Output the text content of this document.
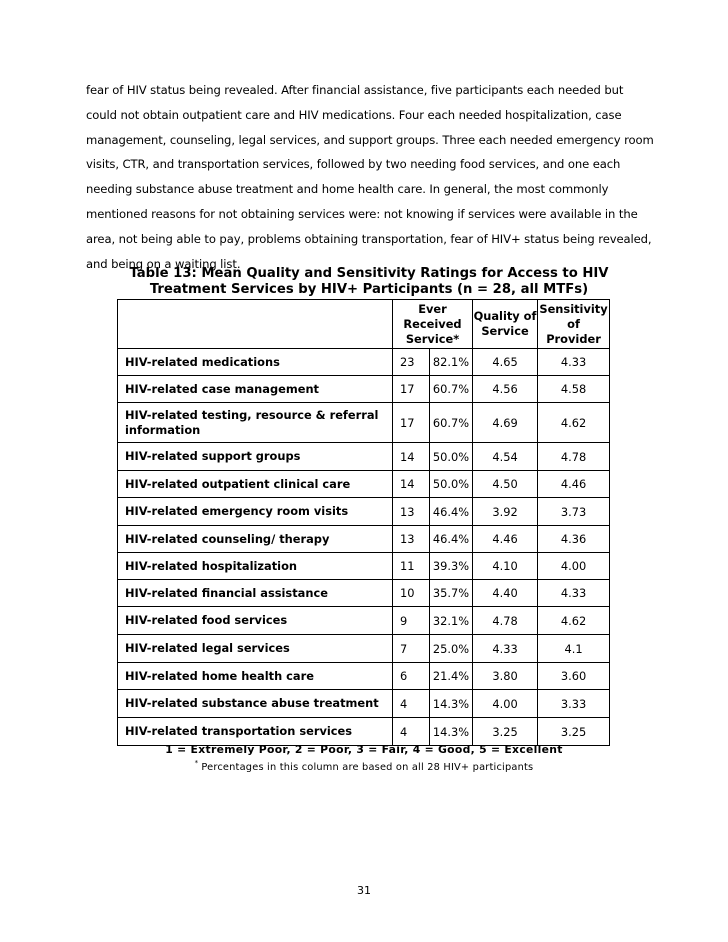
fear of HIV status being revealed. After financial assistance, five participants each needed but could not obtain outpatient care and HIV medications. Four each needed hospitalization, case management, counseling, legal services, and support groups. Three each needed emergency room visits, CTR, and transportation services, followed by two needing food services, and one each needing substance abuse treatment and home health care. In general, the most commonly mentioned reasons for not obtaining services were: not knowing if services were available in the area, not being able to pay, problems obtaining transportation, fear of HIV+ status being revealed, and being on a waiting list.

Table 13: Mean Quality and Sensitivity Ratings for Access to HIV Treatment Services by HIV+ Participants (n = 28, all MTFs)
	Ever Received Service*		Quality of Service	Sensitivity of Provider
HIV-related medications	23	82.1%	4.65	4.33
HIV-related case management	17	60.7%	4.56	4.58
HIV-related testing, resource & referral information	17	60.7%	4.69	4.62
HIV-related support groups	14	50.0%	4.54	4.78
HIV-related outpatient clinical care	14	50.0%	4.50	4.46
HIV-related emergency room visits	13	46.4%	3.92	3.73
HIV-related counseling/ therapy	13	46.4%	4.46	4.36
HIV-related hospitalization	11	39.3%	4.10	4.00
HIV-related financial assistance	10	35.7%	4.40	4.33
HIV-related food services	9	32.1%	4.78	4.62
HIV-related legal services	7	25.0%	4.33	4.1
HIV-related home health care	6	21.4%	3.80	3.60
HIV-related substance abuse treatment	4	14.3%	4.00	3.33
HIV-related transportation services	4	14.3%	3.25	3.25
1 = Extremely Poor, 2 = Poor, 3 = Fair, 4 = Good, 5 = Excellent
* Percentages in this column are based on all 28 HIV+ participants
31
